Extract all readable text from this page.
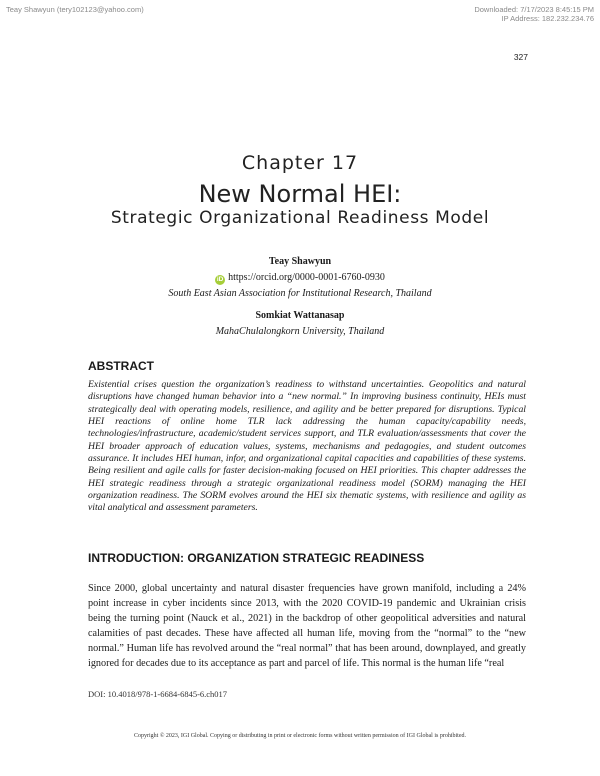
Teay Shawyun (tery102123@yahoo.com)	Downloaded: 7/17/2023 8:45:15 PM
IP Address: 182.232.234.76
327
Chapter 17
New Normal HEI:
Strategic Organizational Readiness Model
Teay Shawyun
iD https://orcid.org/0000-0001-6760-0930
South East Asian Association for Institutional Research, Thailand
Somkiat Wattanasap
MahaChulalongkorn University, Thailand
ABSTRACT
Existential crises question the organization’s readiness to withstand uncertainties. Geopolitics and natural disruptions have changed human behavior into a “new normal.” In improving business continuity, HEIs must strategically deal with operating models, resilience, and agility and be better prepared for disruptions. Typical HEI reactions of online home TLR lack addressing the human capacity/capability needs, technologies/infrastructure, academic/student services support, and TLR evaluation/assessments that cover the HEI broader approach of education values, systems, mechanisms and pedagogies, and student outcomes assurance. It includes HEI human, infor, and organizational capital capacities and capabilities of these systems. Being resilient and agile calls for faster decision-making focused on HEI priorities. This chapter addresses the HEI strategic readiness through a strategic organizational readiness model (SORM) managing the HEI organization readiness. The SORM evolves around the HEI six thematic systems, with resilience and agility as vital analytical and assessment parameters.
INTRODUCTION: ORGANIZATION STRATEGIC READINESS
Since 2000, global uncertainty and natural disaster frequencies have grown manifold, including a 24% point increase in cyber incidents since 2013, with the 2020 COVID-19 pandemic and Ukrainian crisis being the turning point (Nauck et al., 2021) in the backdrop of other geopolitical adversities and natural calamities of past decades. These have affected all human life, moving from the “normal” to the “new normal.” Human life has revolved around the “real normal” that has been around, downplayed, and greatly ignored for decades due to its acceptance as part and parcel of life. This normal is the human life “real
DOI: 10.4018/978-1-6684-6845-6.ch017
Copyright © 2023, IGI Global. Copying or distributing in print or electronic forms without written permission of IGI Global is prohibited.
